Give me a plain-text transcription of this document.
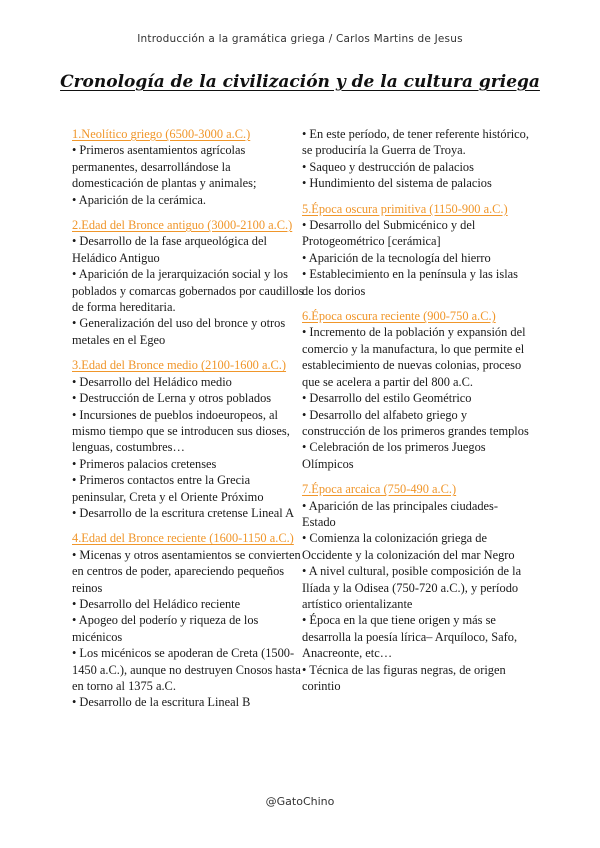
Introducción a la gramática griega / Carlos Martins de Jesus
Cronología de la civilización y de la cultura griega
1.Neolítico griego (6500-3000 a.C.)
• Primeros asentamientos agrícolas permanentes, desarrollándose la domesticación de plantas y animales;
• Aparición de la cerámica.
2.Edad del Bronce antiguo (3000-2100 a.C.)
• Desarrollo de la fase arqueológica del Heládico Antiguo
• Aparición de la jerarquización social y los poblados y comarcas gobernados por caudillos de forma hereditaria.
• Generalización del uso del bronce y otros metales en el Egeo
3.Edad del Bronce medio (2100-1600 a.C.)
• Desarrollo del Heládico medio
• Destrucción de Lerna y otros poblados
• Incursiones de pueblos indoeuropeos, al mismo tiempo que se introducen sus dioses, lenguas, costumbres…
• Primeros palacios cretenses
• Primeros contactos entre la Grecia peninsular, Creta y el Oriente Próximo
• Desarrollo de la escritura cretense Lineal A
4.Edad del Bronce reciente (1600-1150 a.C.)
• Micenas y otros asentamientos se convierten en centros de poder, apareciendo pequeños reinos
• Desarrollo del Heládico reciente
• Apogeo del poderío y riqueza de los micénicos
• Los micénicos se apoderan de Creta (1500-1450 a.C.), aunque no destruyen Cnosos hasta en torno al 1375 a.C.
• Desarrollo de la escritura Lineal B
• En este período, de tener referente histórico, se produciría la Guerra de Troya.
• Saqueo y destrucción de palacios
• Hundimiento del sistema de palacios
5.Época oscura primitiva (1150-900 a.C.)
• Desarrollo del Submicénico y del Protogeométrico [cerámica]
• Aparición de la tecnología del hierro
• Establecimiento en la península y las islas de los dorios
6.Época oscura reciente (900-750 a.C.)
• Incremento de la población y expansión del comercio y la manufactura, lo que permite el establecimiento de nuevas colonias, proceso que se acelera a partir del 800 a.C.
• Desarrollo del estilo Geométrico
• Desarrollo del alfabeto griego y construcción de los primeros grandes templos
• Celebración de los primeros Juegos Olímpicos
7.Época arcaica (750-490 a.C.)
• Aparición de las principales ciudades-Estado
• Comienza la colonización griega de Occidente y la colonización del mar Negro
• A nivel cultural, posible composición de la Ilíada y la Odisea (750-720 a.C.), y período artístico orientalizante
• Época en la que tiene origen y más se desarrolla la poesía lírica– Arquíloco, Safo, Anacreonte, etc…
• Técnica de las figuras negras, de origen corintio
@GatoChino
